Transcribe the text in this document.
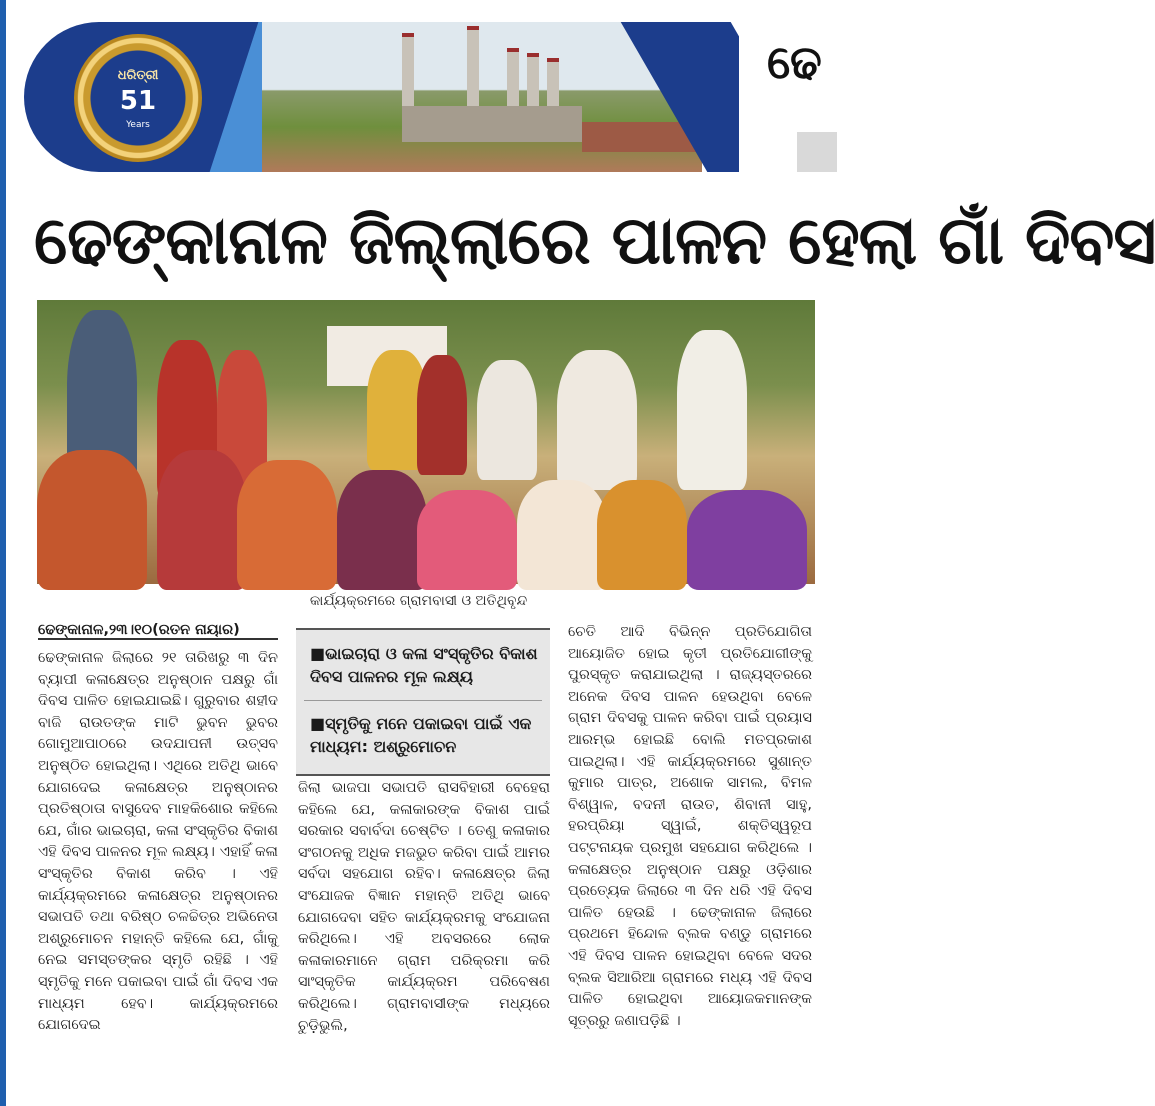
ଧରିତ୍ରୀ
51
Years
ଢେ
ଢେଙ୍କାନାଳ ଜିଲ୍ଲାରେ ପାଳନ ହେଲା ଗାଁ ଦିବସ
କାର୍ଯ୍ୟକ୍ରମରେ ଗ୍ରାମବାସୀ ଓ ଅତିଥିବୃନ୍ଦ
ଢେଙ୍କାନାଳ,୨୩।୧୦(ରତନ ନାୟାର)

ଢେଙ୍କାନାଳ ଜିଲାରେ ୨୧ ତାରିଖରୁ ୩ ଦିନ ବ୍ୟାପୀ କଳାକ୍ଷେତ୍ର ଅନୁଷ୍ଠାନ ପକ୍ଷରୁ ଗାଁ ଦିବସ ପାଳିତ ହୋଇଯାଇଛି। ଗୁରୁବାର ଶହୀଦ ବାଜି ରାଉତଙ୍କ ମାଟି ଭୁବନ ଭୁବର ଗୋମୁଆପାଠରେ ଉଦଯାପନୀ ଉତ୍ସବ ଅନୁଷ୍ଠିତ ହୋଇଥିଲା। ଏଥିରେ ଅତିଥି ଭାବେ ଯୋଗଦେଇ କଳାକ୍ଷେତ୍ର ଅନୁଷ୍ଠାନର ପ୍ରତିଷ୍ଠାତା ବାସୁଦେବ ମାହକିଶୋର କହିଲେ ଯେ, ଗାଁର ଭାଇଚାରା, କଳା ସଂସ୍କୃତିର ବିକାଶ ଏହି ଦିବସ ପାଳନର ମୂଳ ଲକ୍ଷ୍ୟ। ଏହାହିଁ କଳା ସଂସ୍କୃତିର ବିକାଶ କରିବ । ଏହି କାର୍ଯ୍ୟକ୍ରମରେ କଳାକ୍ଷେତ୍ର ଅନୁଷ୍ଠାନର ସଭାପତି ତଥା ବରିଷ୍ଠ ଚଳଚ୍ଚିତ୍ର ଅଭିନେତା ଅଶ୍ରୁମୋଚନ ମହାନ୍ତି କହିଲେ ଯେ, ଗାଁକୁ ନେଇ ସମସ୍ତଙ୍କର ସ୍ମୃତି ରହିଛି । ଏହି ସ୍ମୃତିକୁ ମନେ ପକାଇବା ପାଇଁ ଗାଁ ଦିବସ ଏକ ମାଧ୍ୟମ ହେବ। କାର୍ଯ୍ୟକ୍ରମରେ ଯୋଗଦେଇ

■ଭାଇଚାରା ଓ କଳା ସଂସ୍କୃତିର ବିକାଶ ଦିବସ ପାଳନର ମୂଳ ଲକ୍ଷ୍ୟ
■ସ୍ମୃତିକୁ ମନେ ପକାଇବା ପାଇଁ ଏକ ମାଧ୍ୟମ: ଅଶ୍ରୁମୋଚନ

ଜିଲା ଭାଜପା ସଭାପତି ରାସବିହାରୀ ବେହେରା କହିଲେ ଯେ, କଳାକାରଙ୍କ ବିକାଶ ପାଇଁ ସରକାର ସବାର୍ବଦା ଚେଷ୍ଟିତ । ତେଣୁ କଳାକାର ସଂଗଠନକୁ ଅଧିକ ମଜଭୁତ କରିବା ପାଇଁ ଆମର ସର୍ବଦା ସହଯୋଗ ରହିବ। କଳାକ୍ଷେତ୍ର ଜିଲା ସଂଯୋଜକ ବିଜ୍ଞାନ ମହାନ୍ତି ଅତିଥି ଭାବେ ଯୋଗଦେବା ସହିତ କାର୍ଯ୍ୟକ୍ରମକୁ ସଂଯୋଜନା କରିଥିଲେ। ଏହି ଅବସରରେ ଲୋକ କଳାକାରମାନେ ଗ୍ରାମ ପରିକ୍ରମା କରି ସାଂସ୍କୃତିକ କାର୍ଯ୍ୟକ୍ରମ ପରିବେଷଣ କରିଥିଲେ। ଗ୍ରାମବାସୀଙ୍କ ମଧ୍ୟରେ ଚୁଡ଼ିଭୁଲି,

ଚେତି ଆଦି ବିଭିନ୍ନ ପ୍ରତିଯୋଗିତା ଆୟୋଜିତ ହୋଇ କୃତୀ ପ୍ରତିଯୋଗୀଙ୍କୁ ପୁରସ୍କୃତ କରାଯାଇଥିଲା । ରାଜ୍ୟସ୍ତରରେ ଅନେକ ଦିବସ ପାଳନ ହେଉଥିବା ବେଳେ ଗ୍ରାମ ଦିବସକୁ ପାଳନ କରିବା ପାଇଁ ପ୍ରୟାସ ଆରମ୍ଭ ହୋଇଛି ବୋଲି ମତପ୍ରକାଶ ପାଇଥିଲା। ଏହି କାର୍ଯ୍ୟକ୍ରମରେ ସୁଶାନ୍ତ କୁମାର ପାତ୍ର, ଅଶୋକ ସାମଲ, ବିମଳ ବିଶ୍ୱାଳ, ବଦନୀ ରାଉତ, ଶିବାନୀ ସାହୁ, ହରପ୍ରିୟା ସ୍ୱାଇଁ, ଶକ୍ତିସ୍ୱରୂପ ପଟ୍ଟନାୟକ ପ୍ରମୁଖ ସହଯୋଗ କରିଥିଲେ । କଳାକ୍ଷେତ୍ର ଅନୁଷ୍ଠାନ ପକ୍ଷରୁ ଓଡ଼ିଶାର ପ୍ରତ୍ୟେକ ଜିଲାରେ ୩ ଦିନ ଧରି ଏହି ଦିବସ ପାଳିତ ହେଉଛି । ଢେଙ୍କାନାଳ ଜିଲାରେ ପ୍ରଥମେ ହିନ୍ଦୋଳ ବ୍ଲକ ବଣ୍ଡୁ ଗ୍ରାମରେ ଏହି ଦିବସ ପାଳନ ହୋଇଥିବା ବେଳେ ସଦର ବ୍ଲକ ସିଆରିଆ ଗ୍ରାମରେ ମଧ୍ୟ ଏହି ଦିବସ ପାଳିତ ହୋଇଥିବା ଆୟୋଜକମାନଙ୍କ ସୂତ୍ରରୁ ଜଣାପଡ଼ିଛି ।
